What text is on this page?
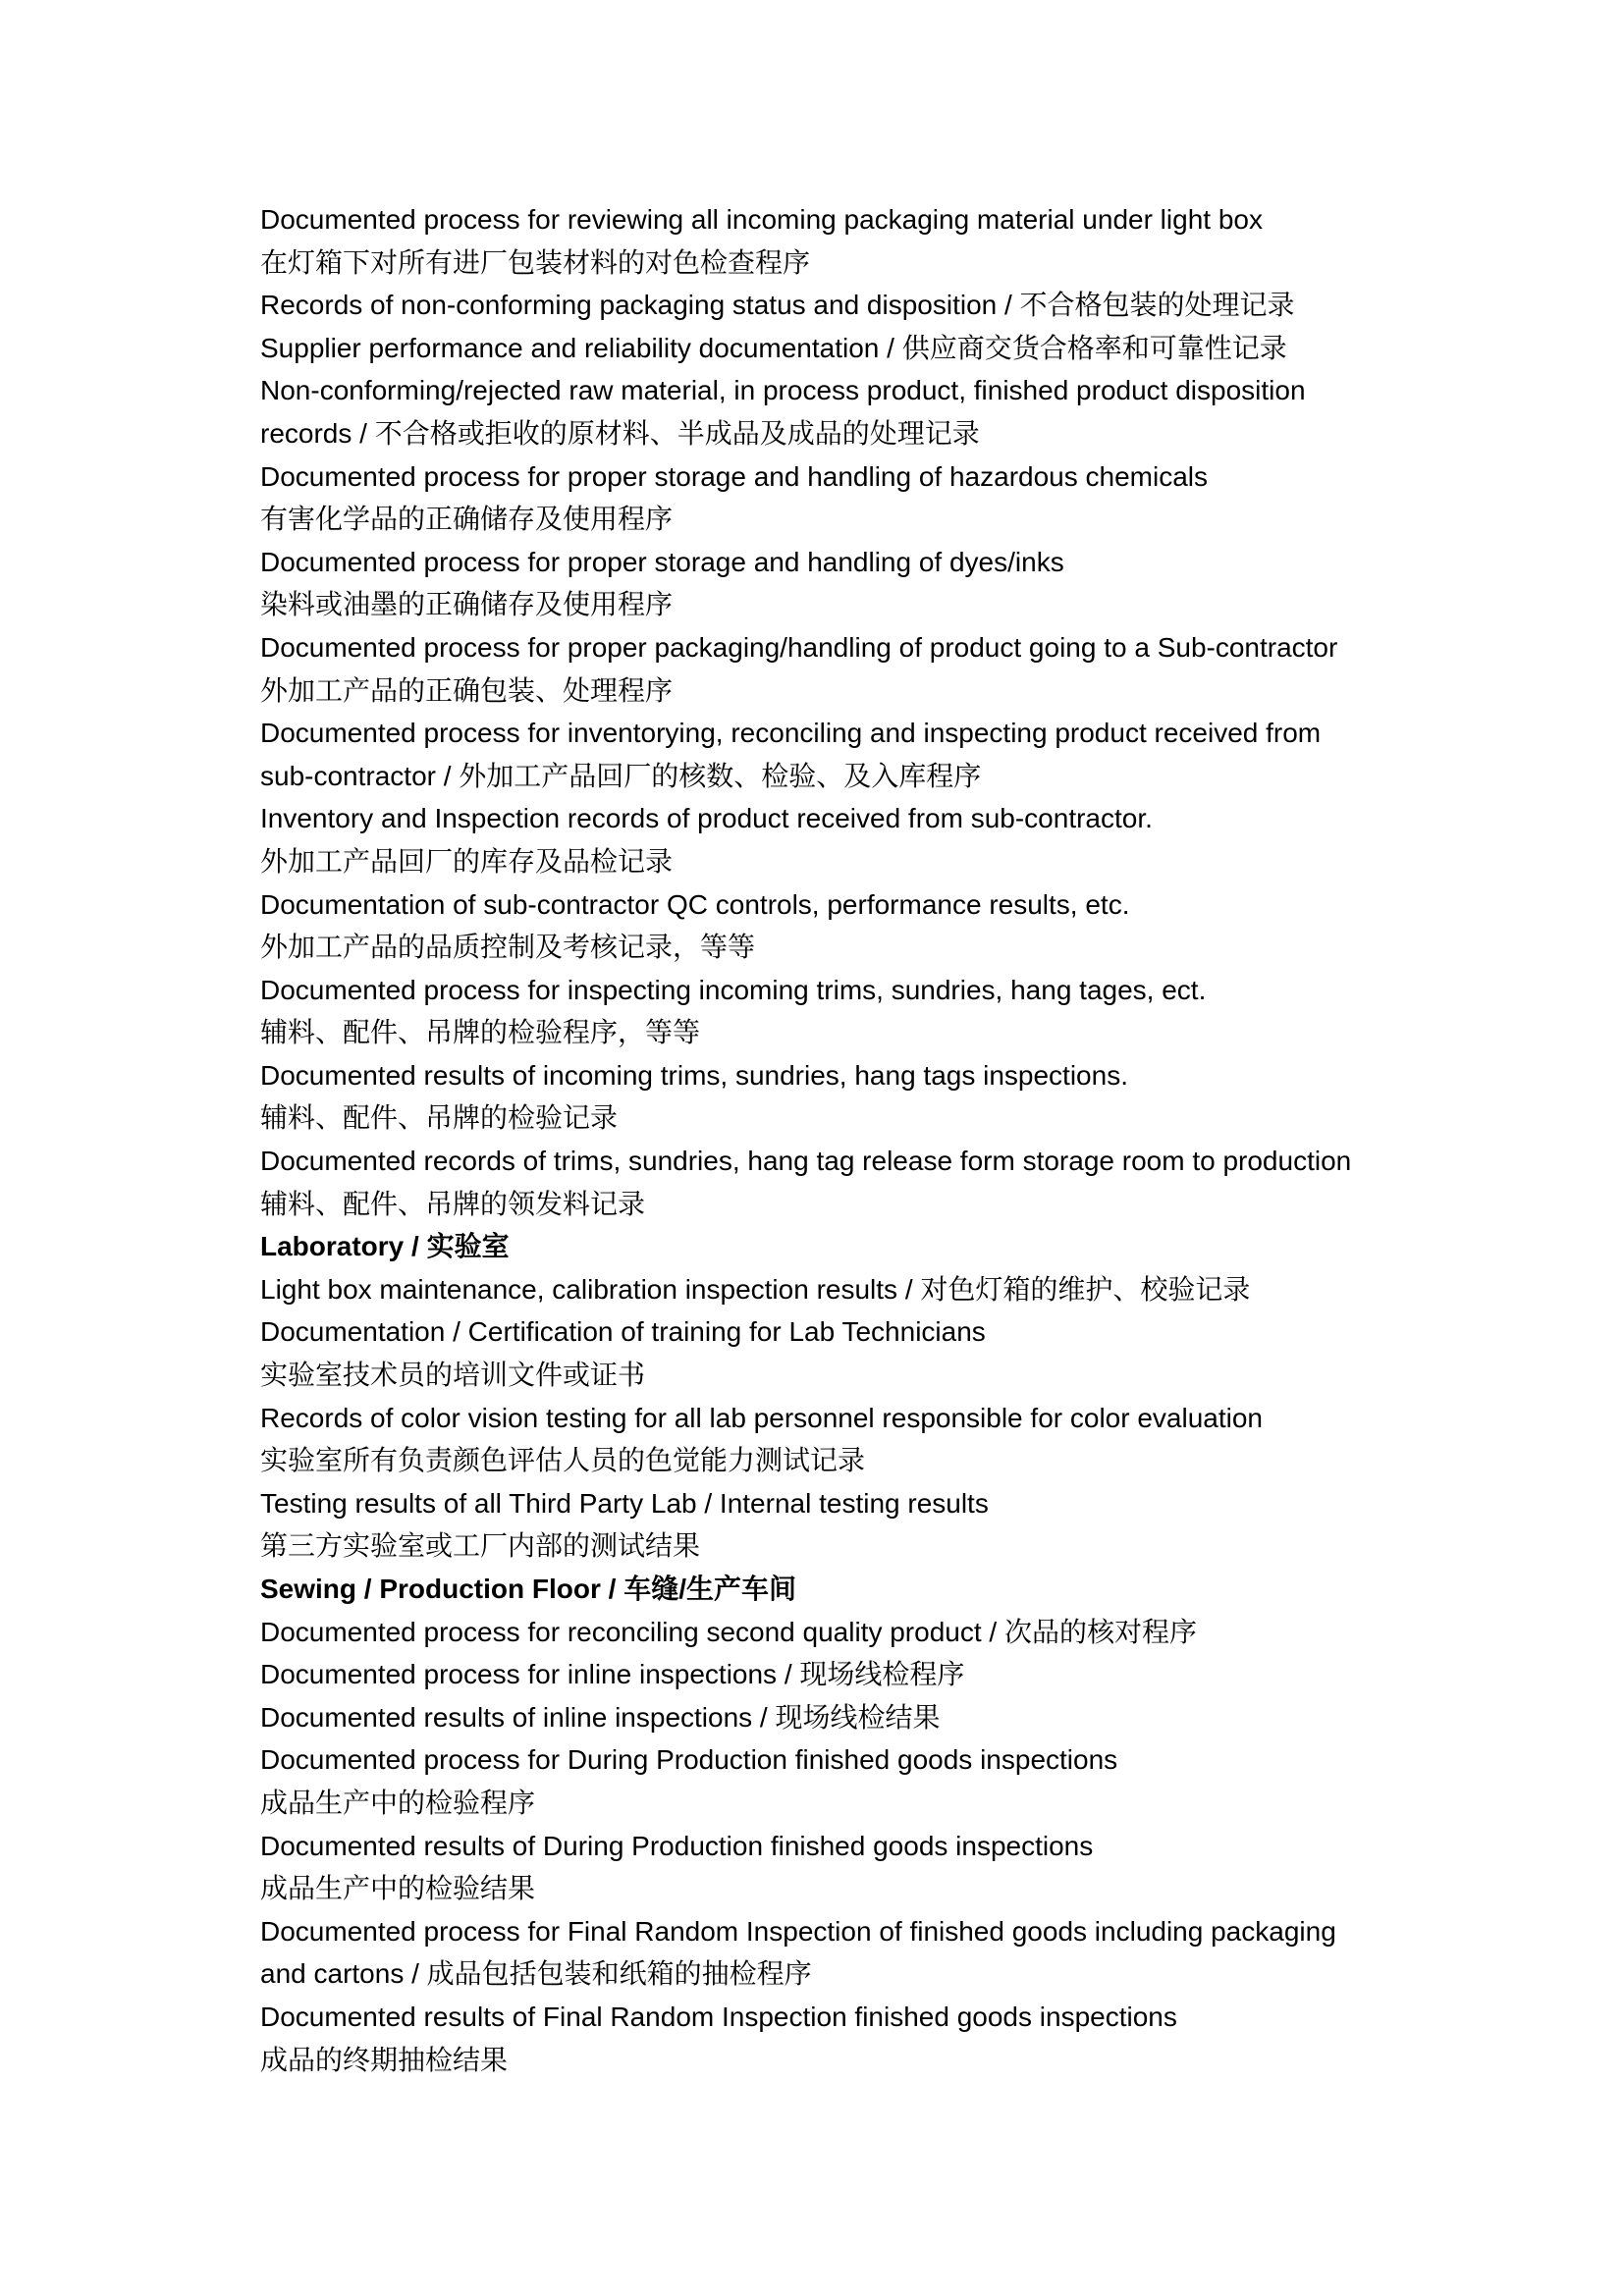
Documented process for reviewing all incoming packaging material under light box
在灯箱下对所有进厂包装材料的对色检查程序
Records of non-conforming packaging status and disposition / 不合格包装的处理记录
Supplier performance and reliability documentation / 供应商交货合格率和可靠性记录
Non-conforming/rejected raw material, in process product, finished product disposition
records / 不合格或拒收的原材料、半成品及成品的处理记录
Documented process for proper storage and handling of hazardous chemicals
有害化学品的正确储存及使用程序
Documented process for proper storage and handling of dyes/inks
染料或油墨的正确储存及使用程序
Documented process for proper packaging/handling of product going to a Sub-contractor
外加工产品的正确包装、处理程序
Documented process for inventorying, reconciling and inspecting product received from
sub-contractor / 外加工产品回厂的核数、检验、及入库程序
Inventory and Inspection records of product received from sub-contractor.
外加工产品回厂的库存及品检记录
Documentation of sub-contractor QC controls, performance results, etc.
外加工产品的品质控制及考核记录，等等
Documented process for inspecting incoming trims, sundries, hang tages, ect.
辅料、配件、吊牌的检验程序，等等
Documented results of incoming trims, sundries, hang tags inspections.
辅料、配件、吊牌的检验记录
Documented records of trims, sundries, hang tag release form storage room to production
辅料、配件、吊牌的领发料记录
Laboratory / 实验室
Light box maintenance, calibration inspection results / 对色灯箱的维护、校验记录
Documentation / Certification of training for Lab Technicians
实验室技术员的培训文件或证书
Records of color vision testing for all lab personnel responsible for color evaluation
实验室所有负责颜色评估人员的色觉能力测试记录
Testing results of all Third Party Lab / Internal testing results
第三方实验室或工厂内部的测试结果
Sewing / Production Floor / 车缝/生产车间
Documented process for reconciling second quality product / 次品的核对程序
Documented process for inline inspections / 现场线检程序
Documented results of inline inspections / 现场线检结果
Documented process for During Production finished goods inspections
成品生产中的检验程序
Documented results of During Production finished goods inspections
成品生产中的检验结果
Documented process for Final Random Inspection of finished goods including packaging
and cartons / 成品包括包装和纸箱的抽检程序
Documented results of Final Random Inspection finished goods inspections
成品的终期抽检结果
